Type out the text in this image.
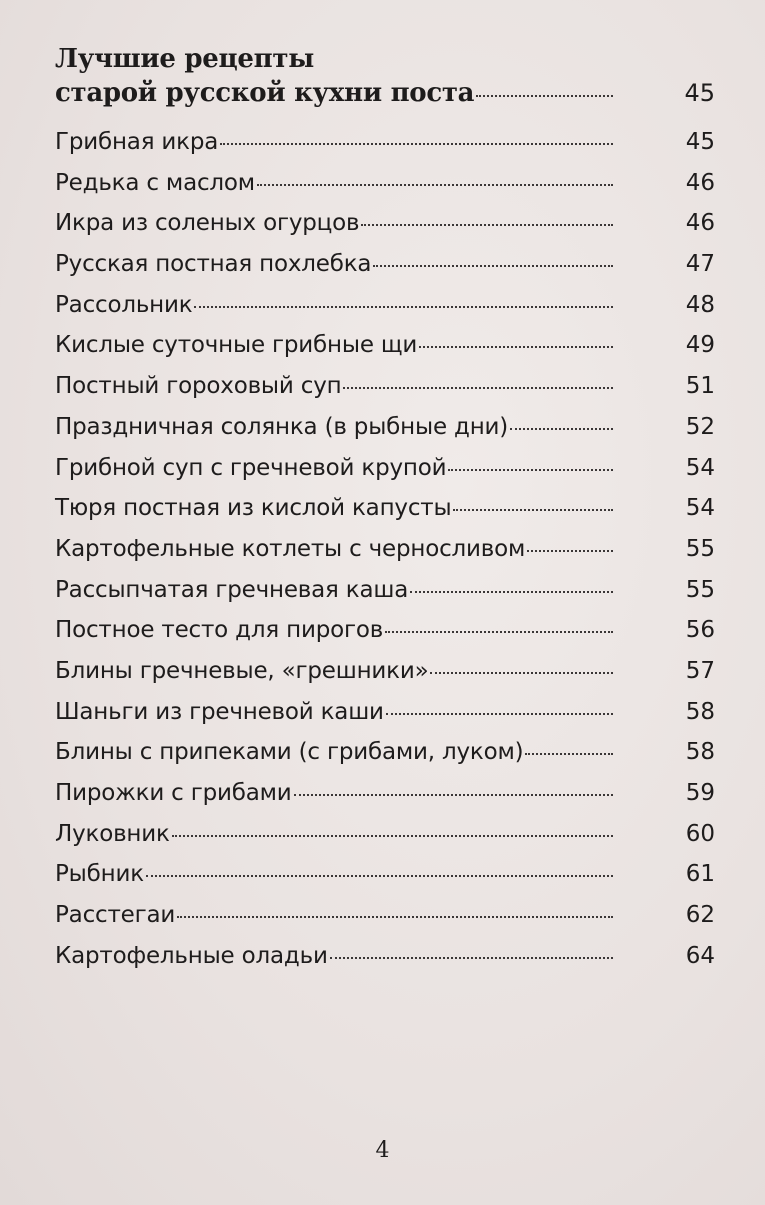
Лучшие рецепты
старой русской кухни поста	45
Грибная икра	45
Редька с маслом	46
Икра из соленых огурцов	46
Русская постная похлебка	47
Рассольник	48
Кислые суточные грибные щи	49
Постный гороховый суп	51
Праздничная солянка (в рыбные дни)	52
Грибной суп с гречневой крупой	54
Тюря постная из кислой капусты	54
Картофельные котлеты с черносливом	55
Рассыпчатая гречневая каша	55
Постное тесто для пирогов	56
Блины гречневые, «грешники»	57
Шаньги из гречневой каши	58
Блины с припеками (с грибами, луком)	58
Пирожки с грибами	59
Луковник	60
Рыбник	61
Расстегаи	62
Картофельные оладьи	64
4
